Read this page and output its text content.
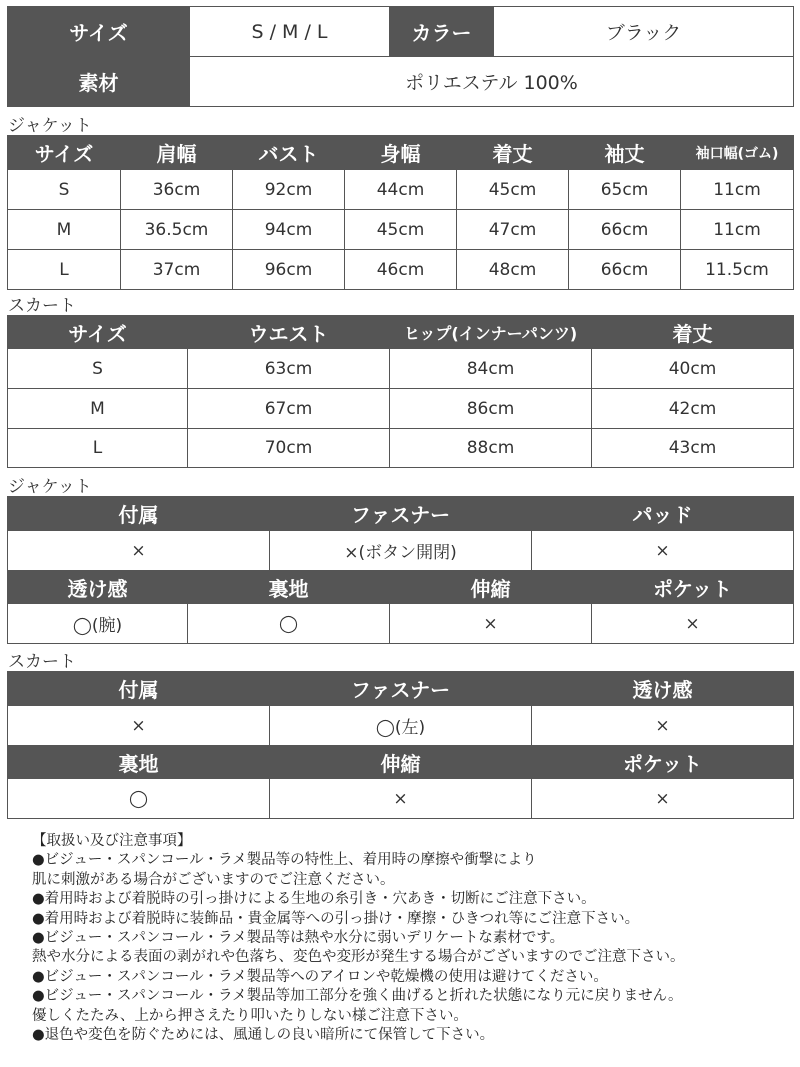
サイズ	S / M / L	カラー	ブラック
素材	ポリエステル 100%		
ジャケット
サイズ	肩幅	バスト	身幅	着丈	袖丈	袖口幅(ゴム)
S	36cm	92cm	44cm	45cm	65cm	11cm
M	36.5cm	94cm	45cm	47cm	66cm	11cm
L	37cm	96cm	46cm	48cm	66cm	11.5cm
スカート
サイズ	ウエスト	ヒップ(インナーパンツ)	着丈
S	63cm	84cm	40cm
M	67cm	86cm	42cm
L	70cm	88cm	43cm
ジャケット
付属	ファスナー	パッド
×	×(ボタン開閉)	×
透け感	裏地	伸縮	ポケット
◯(腕)	◯	×	×
スカート
付属	ファスナー	透け感
×	◯(左)	×
裏地	伸縮	ポケット
◯	×	×
【取扱い及び注意事項】
●ビジュー・スパンコール・ラメ製品等の特性上、着用時の摩擦や衝撃により
肌に刺激がある場合がございますのでご注意ください。
●着用時および着脱時の引っ掛けによる生地の糸引き・穴あき・切断にご注意下さい。
●着用時および着脱時に装飾品・貴金属等への引っ掛け・摩擦・ひきつれ等にご注意下さい。
●ビジュー・スパンコール・ラメ製品等は熱や水分に弱いデリケートな素材です。
熱や水分による表面の剥がれや色落ち、変色や変形が発生する場合がございますのでご注意下さい。
●ビジュー・スパンコール・ラメ製品等へのアイロンや乾燥機の使用は避けてください。
●ビジュー・スパンコール・ラメ製品等加工部分を強く曲げると折れた状態になり元に戻りません。
優しくたたみ、上から押さえたり叩いたりしない様ご注意下さい。
●退色や変色を防ぐためには、風通しの良い暗所にて保管して下さい。
